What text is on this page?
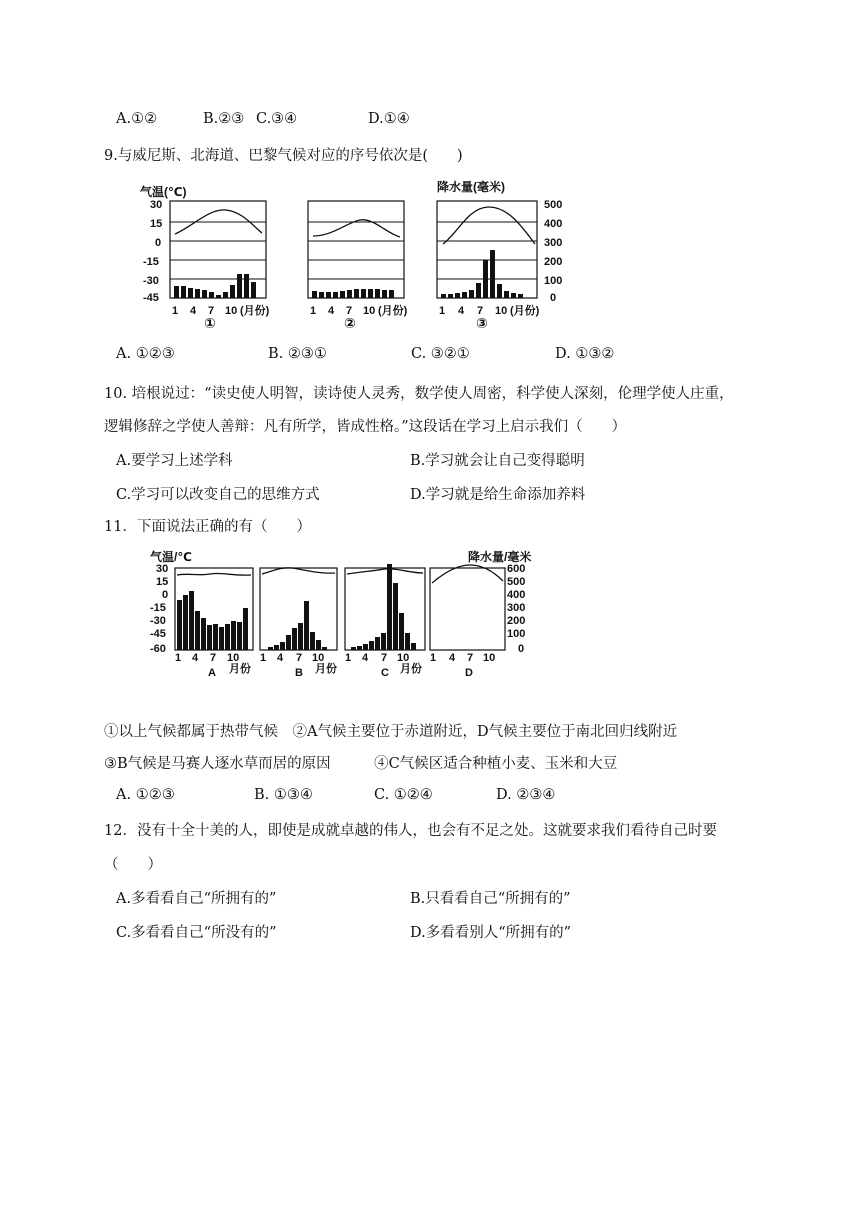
A.①②	B.②③ C.③④	D.①④
9.与威尼斯、北海道、巴黎气候对应的序号依次是(　　)
气温(℃)	降水量(毫米)
30
15
0
-15
-30
-45
500
400
300
200
100
0
1 4 7 10 (月份)
①
1 4 7 10 (月份)
②
1 4 7 10 (月份)
③
A. ①②③	B. ②③①	C. ③②①	D. ①③②
10. 培根说过：“读史使人明智，读诗使人灵秀，数学使人周密，科学使人深刻，伦理学使人庄重，
逻辑修辞之学使人善辩：凡有所学，皆成性格。”这段话在学习上启示我们（　　）
A.要学习上述学科	B.学习就会让自己变得聪明
C.学习可以改变自己的思维方式	D.学习就是给生命添加养料
11．下面说法正确的有（　　）
气温/℃	降水量/毫米
30
15
0
-15
-30
-45
-60
600
500
400
300
200
100
0
1 4 7 10
月份
A
1 4 7 10
月份
B
1 4 7 10
月份
C
1 4 7 10
D
①以上气候都属于热带气候　②A气候主要位于赤道附近，D气候主要位于南北回归线附近
③B气候是马赛人逐水草而居的原因　　　④C气候区适合种植小麦、玉米和大豆
A. ①②③	B. ①③④	C. ①②④	D. ②③④
12．没有十全十美的人，即使是成就卓越的伟人，也会有不足之处。这就要求我们看待自己时要
（　　）
A.多看看自己“所拥有的”	B.只看看自己“所拥有的”
C.多看看自己“所没有的”	D.多看看别人“所拥有的”
